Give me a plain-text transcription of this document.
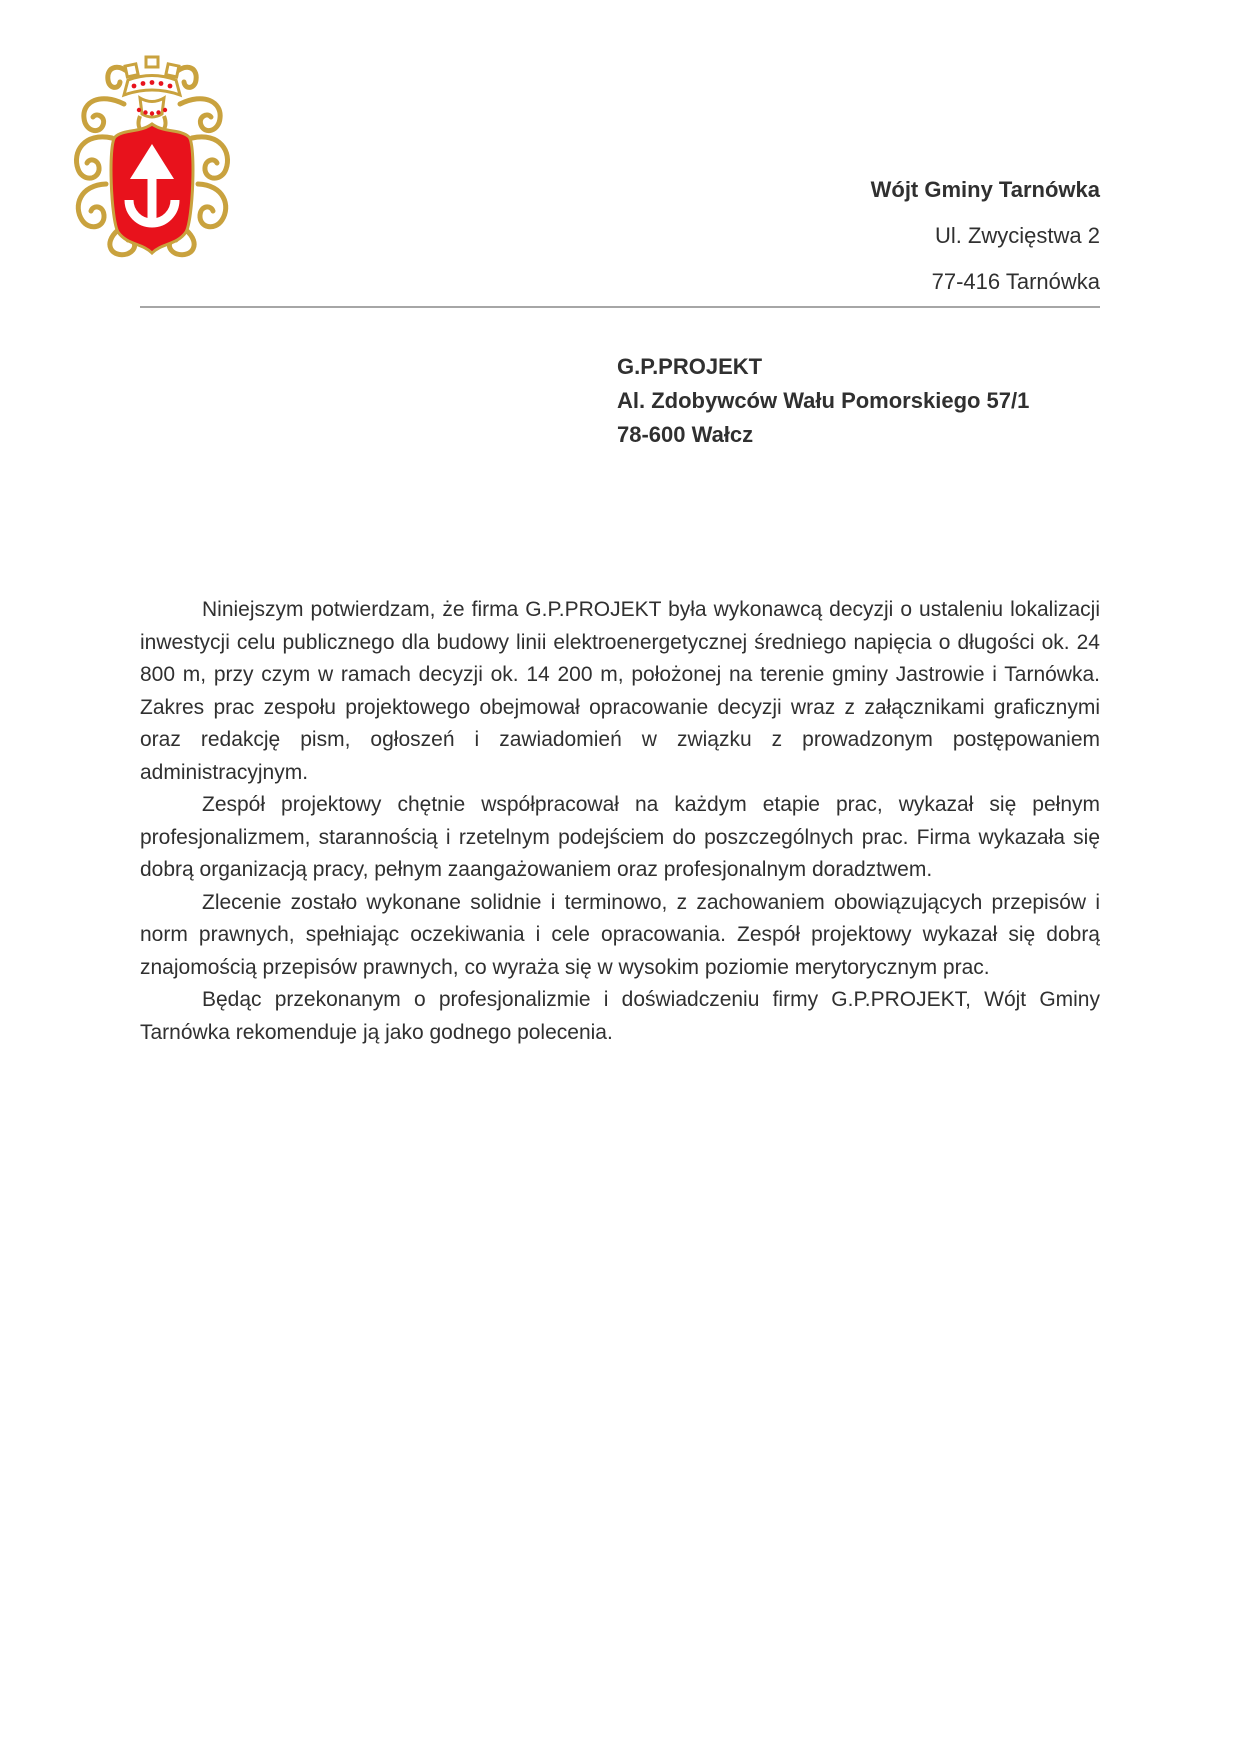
Wójt Gminy Tarnówka
Ul. Zwycięstwa 2
77-416 Tarnówka
G.P.PROJEKT
Al. Zdobywców Wału Pomorskiego 57/1
78-600 Wałcz

Niniejszym potwierdzam, że firma G.P.PROJEKT była wykonawcą decyzji o ustaleniu lokalizacji inwestycji celu publicznego dla budowy linii elektroenergetycznej średniego napięcia o długości ok. 24 800 m, przy czym w ramach decyzji ok. 14 200 m, położonej na terenie gminy Jastrowie i Tarnówka. Zakres prac zespołu projektowego obejmował opracowanie decyzji wraz z załącznikami graficznymi oraz redakcję pism, ogłoszeń i zawiadomień w związku z prowadzonym postępowaniem administracyjnym.

Zespół projektowy chętnie współpracował na każdym etapie prac, wykazał się pełnym profesjonalizmem, starannością i rzetelnym podejściem do poszczególnych prac. Firma wykazała się dobrą organizacją pracy, pełnym zaangażowaniem oraz profesjonalnym doradztwem.

Zlecenie zostało wykonane solidnie i terminowo, z zachowaniem obowiązujących przepisów i norm prawnych, spełniając oczekiwania i cele opracowania. Zespół projektowy wykazał się dobrą znajomością przepisów prawnych, co wyraża się w wysokim poziomie merytorycznym prac.

Będąc przekonanym o profesjonalizmie i doświadczeniu firmy G.P.PROJEKT, Wójt Gminy Tarnówka rekomenduje ją jako godnego polecenia.
